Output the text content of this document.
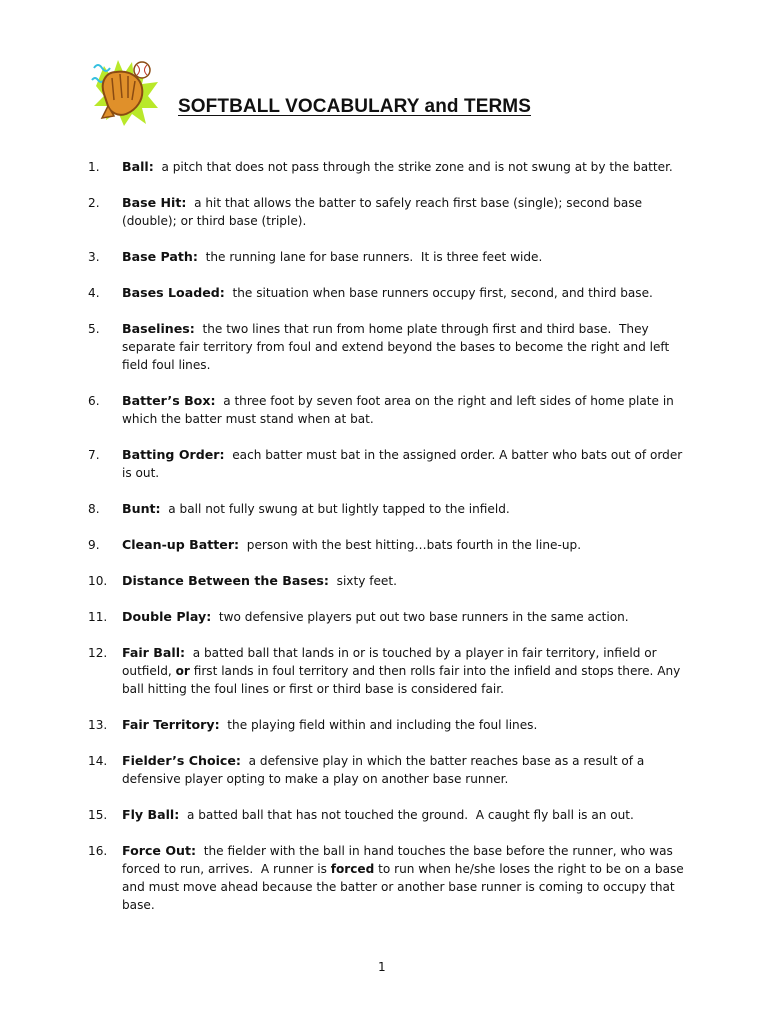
SOFTBALL VOCABULARY and TERMS
1. Ball:  a pitch that does not pass through the strike zone and is not swung at by the batter.
2. Base Hit:  a hit that allows the batter to safely reach first base (single); second base (double); or third base (triple).
3. Base Path:  the running lane for base runners.  It is three feet wide.
4. Bases Loaded:  the situation when base runners occupy first, second, and third base.
5. Baselines:  the two lines that run from home plate through first and third base.  They separate fair territory from foul and extend beyond the bases to become the right and left field foul lines.
6. Batter’s Box:  a three foot by seven foot area on the right and left sides of home plate in which the batter must stand when at bat.
7. Batting Order:  each batter must bat in the assigned order. A batter who bats out of order is out.
8. Bunt:  a ball not fully swung at but lightly tapped to the infield.
9. Clean-up Batter:  person with the best hitting…bats fourth in the line-up.
10. Distance Between the Bases:  sixty feet.
11. Double Play:  two defensive players put out two base runners in the same action.
12. Fair Ball:  a batted ball that lands in or is touched by a player in fair territory, infield or outfield, or first lands in foul territory and then rolls fair into the infield and stops there. Any ball hitting the foul lines or first or third base is considered fair.
13. Fair Territory:  the playing field within and including the foul lines.
14. Fielder’s Choice:  a defensive play in which the batter reaches base as a result of a defensive player opting to make a play on another base runner.
15. Fly Ball:  a batted ball that has not touched the ground.  A caught fly ball is an out.
16. Force Out:  the fielder with the ball in hand touches the base before the runner, who was forced to run, arrives.  A runner is forced to run when he/she loses the right to be on a base and must move ahead because the batter or another base runner is coming to occupy that base.
1
